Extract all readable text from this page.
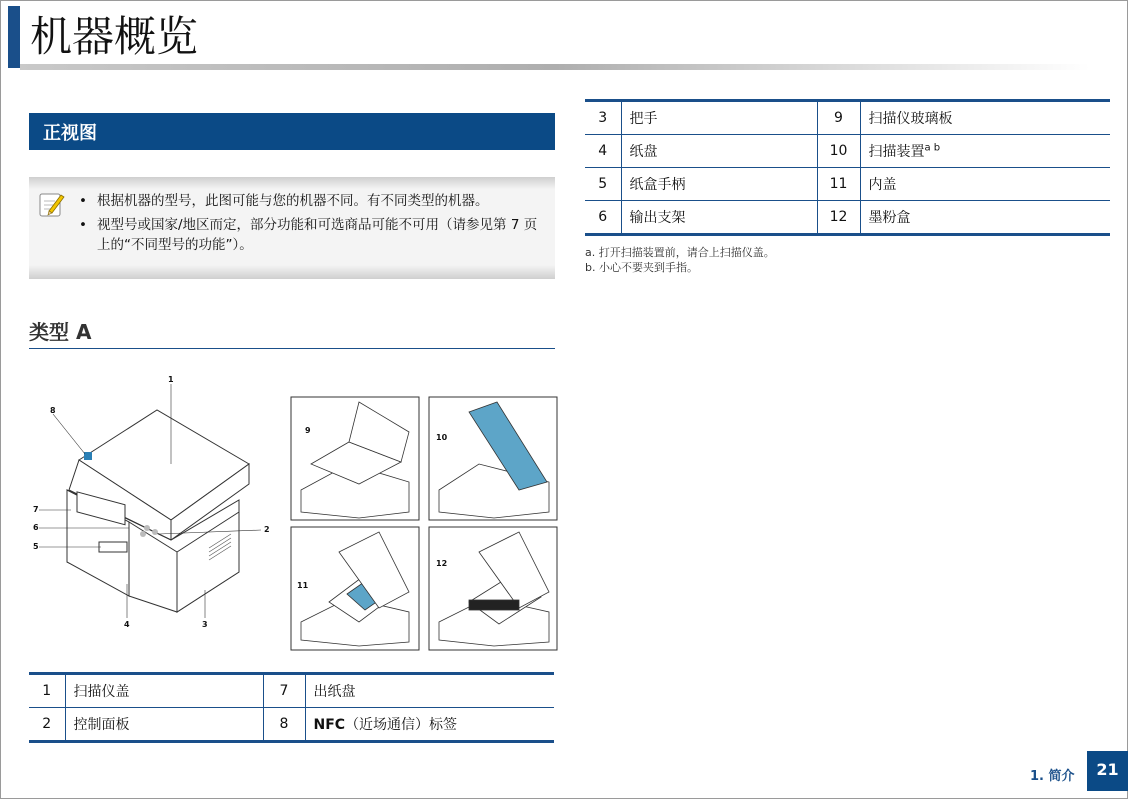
机器概览
正视图
• 根据机器的型号，此图可能与您的机器不同。有不同类型的机器。
• 视型号或国家/地区而定，部分功能和可选商品可能不可用（请参见第 7 页上的“不同型号的功能”）。
类型 A
1
8
7
6
5
2
4	3
9
10
11
12
1	扫描仪盖	7	出纸盘
2	控制面板	8	NFC（近场通信）标签
3	把手	9	扫描仪玻璃板
4	纸盘	10	扫描装置$^{a b}$
5	纸盒手柄	11	内盖
6	输出支架	12	墨粉盒
a. 打开扫描装置前，请合上扫描仪盖。
b. 小心不要夹到手指。
1. 简介	21
